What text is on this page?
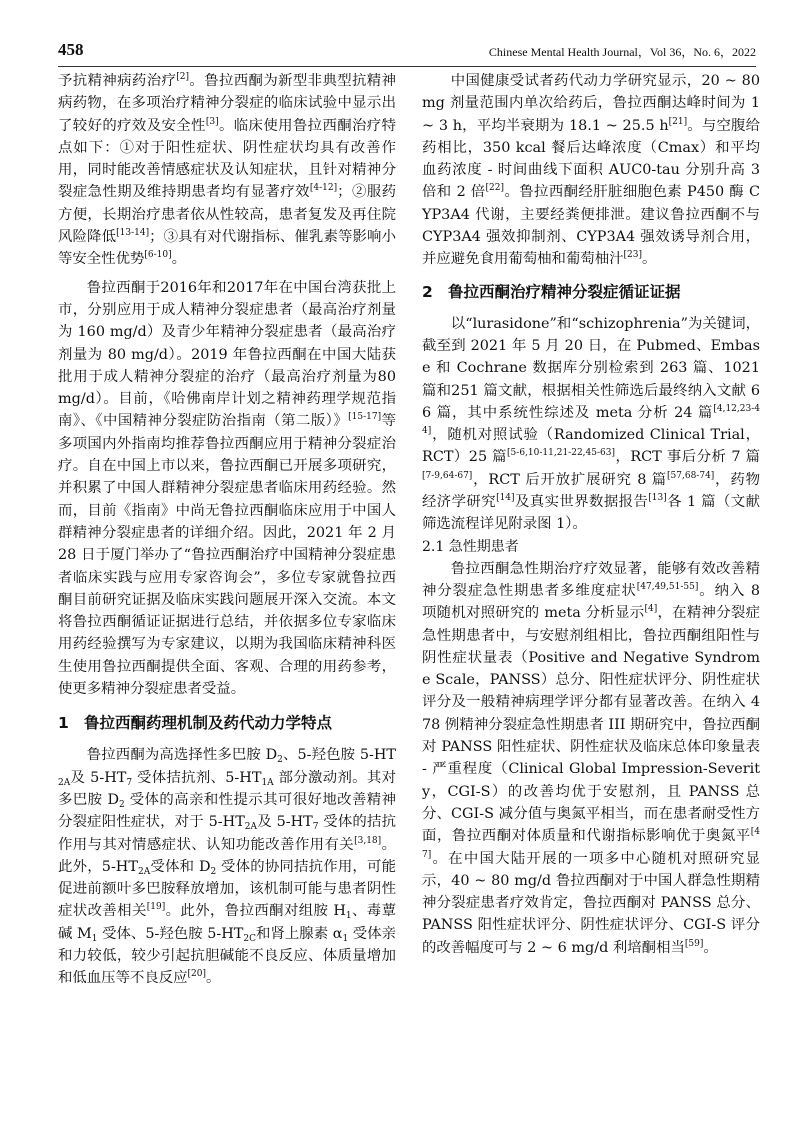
458	Chinese Mental Health Journal，Vol 36，No. 6，2022

予抗精神病药治疗[2]。鲁拉西酮为新型非典型抗精神病药物，在多项治疗精神分裂症的临床试验中显示出了较好的疗效及安全性[3]。临床使用鲁拉西酮治疗特点如下：①对于阳性症状、阴性症状均具有改善作用，同时能改善情感症状及认知症状，且针对精神分裂症急性期及维持期患者均有显著疗效[4-12]；②服药方便，长期治疗患者依从性较高，患者复发及再住院风险降低[13-14]；③具有对代谢指标、催乳素等影响小等安全性优势[6-10]。

鲁拉西酮于2016年和2017年在中国台湾获批上市，分别应用于成人精神分裂症患者（最高治疗剂量为 160 mg/d）及青少年精神分裂症患者（最高治疗剂量为 80 mg/d）。2019 年鲁拉西酮在中国大陆获批用于成人精神分裂症的治疗（最高治疗剂量为80 mg/d）。目前，《哈佛南岸计划之精神药理学规范指南》、《中国精神分裂症防治指南（第二版）》[15-17]等多项国内外指南均推荐鲁拉西酮应用于精神分裂症治疗。自在中国上市以来，鲁拉西酮已开展多项研究，并积累了中国人群精神分裂症患者临床用药经验。然而，目前《指南》中尚无鲁拉西酮临床应用于中国人群精神分裂症患者的详细介绍。因此，2021 年 2 月 28 日于厦门举办了“鲁拉西酮治疗中国精神分裂症患者临床实践与应用专家咨询会”，多位专家就鲁拉西酮目前研究证据及临床实践问题展开深入交流。本文将鲁拉西酮循证证据进行总结，并依据多位专家临床用药经验撰写为专家建议，以期为我国临床精神科医生使用鲁拉西酮提供全面、客观、合理的用药参考，使更多精神分裂症患者受益。

1 鲁拉西酮药理机制及药代动力学特点

鲁拉西酮为高选择性多巴胺 $D_2$、5-羟色胺 $5-HT_{2A}$及 $5-HT_7$ 受体拮抗剂、$5-HT_{1A}$ 部分激动剂。其对多巴胺 $D_2$ 受体的高亲和性提示其可很好地改善精神分裂症阳性症状，对于 $5-HT_{2A}$及 $5-HT_7$ 受体的拮抗作用与其对情感症状、认知功能改善作用有关[3,18]。此外，$5-HT_{2A}$受体和 $D_2$ 受体的协同拮抗作用，可能促进前额叶多巴胺释放增加，该机制可能与患者阴性症状改善相关[19]。此外，鲁拉西酮对组胺 $H_1$、毒蕈碱 $M_1$ 受体、5-羟色胺 $5-HT_{2C}$和肾上腺素 $\alpha_1$ 受体亲和力较低，较少引起抗胆碱能不良反应、体质量增加和低血压等不良反应[20]。

中国健康受试者药代动力学研究显示，20 ~ 80 mg 剂量范围内单次给药后，鲁拉西酮达峰时间为 1 ~ 3 h，平均半衰期为 18.1 ~ 25.5 h[21]。与空腹给药相比，350 kcal 餐后达峰浓度（Cmax）和平均血药浓度 - 时间曲线下面积 AUC0-tau 分别升高 3 倍和 2 倍[22]。鲁拉西酮经肝脏细胞色素 P450 酶 CYP3A4 代谢，主要经粪便排泄。建议鲁拉西酮不与 CYP3A4 强效抑制剂、CYP3A4 强效诱导剂合用，并应避免食用葡萄柚和葡萄柚汁[23]。

2 鲁拉西酮治疗精神分裂症循证证据

以“lurasidone”和“schizophrenia”为关键词，截至到 2021 年 5 月 20 日，在 Pubmed、Embase 和 Cochrane 数据库分别检索到 263 篇、1021 篇和251 篇文献，根据相关性筛选后最终纳入文献 66 篇，其中系统性综述及 meta 分析 24 篇[4,12,23-44]，随机对照试验（Randomized Clinical Trial，RCT）25 篇[5-6,10-11,21-22,45-63]，RCT 事后分析 7 篇[7-9,64-67]，RCT 后开放扩展研究 8 篇[57,68-74]，药物经济学研究[14]及真实世界数据报告[13]各 1 篇（文献筛选流程详见附录图 1）。

2.1 急性期患者

鲁拉西酮急性期治疗疗效显著，能够有效改善精神分裂症急性期患者多维度症状[47,49,51-55]。纳入 8 项随机对照研究的 meta 分析显示[4]，在精神分裂症急性期患者中，与安慰剂组相比，鲁拉西酮组阳性与阴性症状量表（Positive and Negative Syndrome Scale，PANSS）总分、阳性症状评分、阴性症状评分及一般精神病理学评分都有显著改善。在纳入 478 例精神分裂症急性期患者 III 期研究中，鲁拉西酮对 PANSS 阳性症状、阴性症状及临床总体印象量表 - 严重程度（Clinical Global Impression-Severity，CGI-S）的改善均优于安慰剂，且 PANSS 总分、CGI-S 减分值与奥氮平相当，而在患者耐受性方面，鲁拉西酮对体质量和代谢指标影响优于奥氮平[47]。在中国大陆开展的一项多中心随机对照研究显示，40 ~ 80 mg/d 鲁拉西酮对于中国人群急性期精神分裂症患者疗效肯定，鲁拉西酮对 PANSS 总分、PANSS 阳性症状评分、阴性症状评分、CGI-S 评分的改善幅度可与 2 ~ 6 mg/d 利培酮相当[59]。
